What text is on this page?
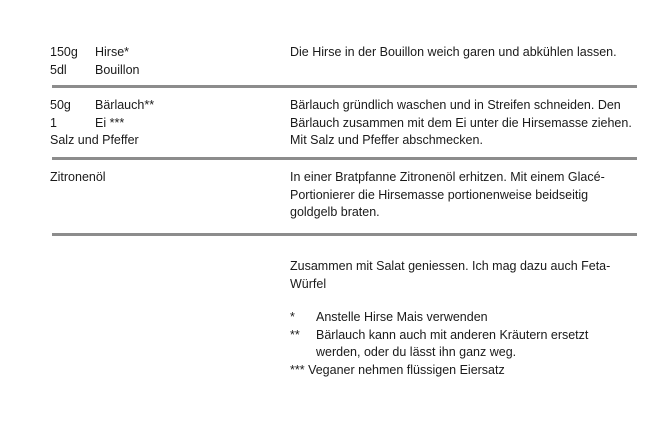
150g Hirse*
5dl Bouillon
Die Hirse in der Bouillon weich garen und abkühlen lassen.
50g Bärlauch**
1	Ei ***
Salz und Pfeffer
Bärlauch gründlich waschen und in Streifen schneiden. Den Bärlauch zusammen mit dem Ei unter die Hirsemasse ziehen. Mit Salz und Pfeffer abschmecken.
Zitronenöl	In einer Bratpfanne Zitronenöl erhitzen. Mit einem Glacé-Portionierer die Hirsemasse portionenweise beidseitig goldgelb braten.
Zusammen mit Salat geniessen. Ich mag dazu auch Feta-Würfel
* Anstelle Hirse Mais verwenden
** Bärlauch kann auch mit anderen Kräutern ersetzt
werden, oder du lässt ihn ganz weg.
*** Veganer nehmen flüssigen Eiersatz
